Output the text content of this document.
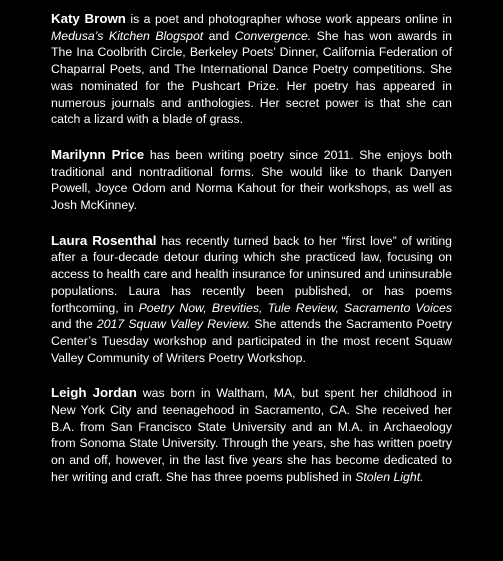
Katy Brown is a poet and photographer whose work appears online in Medusa’s Kitchen Blogspot and Convergence. She has won awards in The Ina Coolbrith Circle, Berkeley Poets’ Dinner, California Federation of Chaparral Poets, and The International Dance Poetry competitions. She was nominated for the Pushcart Prize. Her poetry has appeared in numerous journals and anthologies. Her secret power is that she can catch a lizard with a blade of grass.

Marilynn Price has been writing poetry since 2011. She enjoys both traditional and nontraditional forms. She would like to thank Danyen Powell, Joyce Odom and Norma Kahout for their workshops, as well as Josh McKinney.

Laura Rosenthal has recently turned back to her “first love” of writing after a four-decade detour during which she practiced law, focusing on access to health care and health insurance for uninsured and uninsurable populations. Laura has recently been published, or has poems forthcoming, in Poetry Now, Brevities, Tule Review, Sacramento Voices and the 2017 Squaw Valley Review. She attends the Sacramento Poetry Center’s Tuesday workshop and participated in the most recent Squaw Valley Community of Writers Poetry Workshop.

Leigh Jordan was born in Waltham, MA, but spent her childhood in New York City and teenagehood in Sacramento, CA. She received her B.A. from San Francisco State University and an M.A. in Archaeology from Sonoma State University. Through the years, she has written poetry on and off, however, in the last five years she has become dedicated to her writing and craft. She has three poems published in Stolen Light.
